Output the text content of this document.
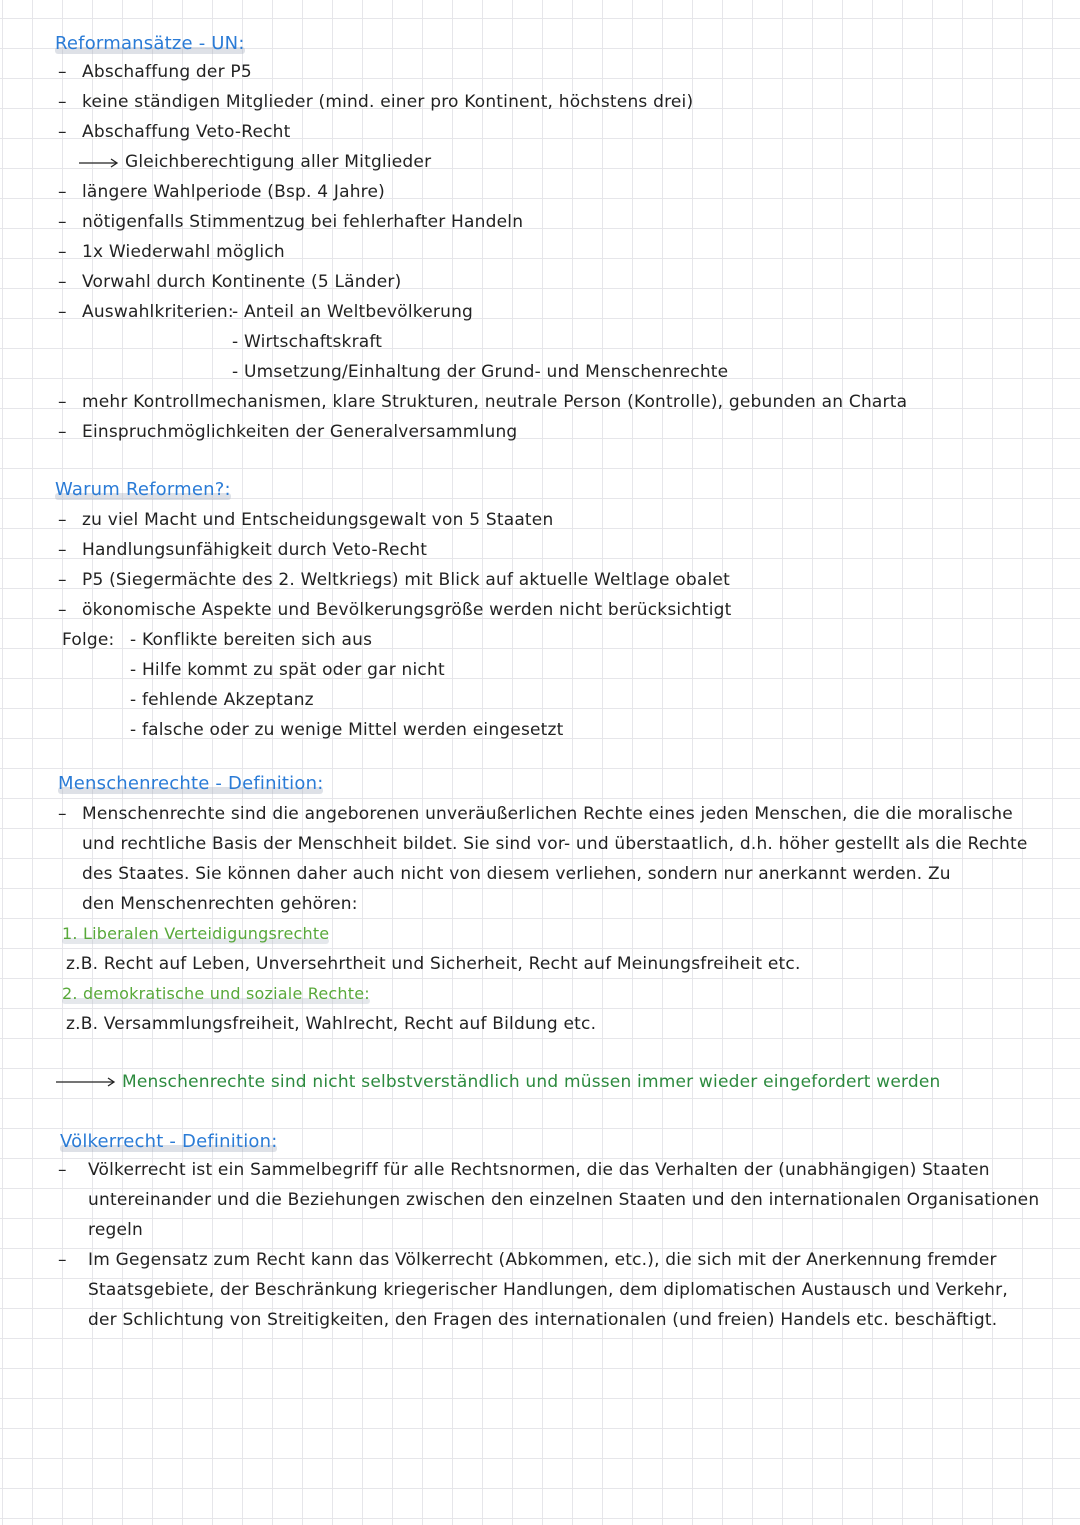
Reformansätze - UN:
– Abschaffung der P5
– keine ständigen Mitglieder (mind. einer pro Kontinent, höchstens drei)
– Abschaffung Veto-Recht
Gleichberechtigung aller Mitglieder
– längere Wahlperiode (Bsp. 4 Jahre)
– nötigenfalls Stimmentzug bei fehlerhafter Handeln
– 1x Wiederwahl möglich
– Vorwahl durch Kontinente (5 Länder)
– Auswahlkriterien:
- Anteil an Weltbevölkerung
- Wirtschaftskraft
- Umsetzung/Einhaltung der Grund- und Menschenrechte
– mehr Kontrollmechanismen, klare Strukturen, neutrale Person (Kontrolle), gebunden an Charta
– Einspruchmöglichkeiten der Generalversammlung
Warum Reformen?:
– zu viel Macht und Entscheidungsgewalt von 5 Staaten
– Handlungsunfähigkeit durch Veto-Recht
– P5 (Siegermächte des 2. Weltkriegs) mit Blick auf aktuelle Weltlage obalet
– ökonomische Aspekte und Bevölkerungsgröße werden nicht berücksichtigt
Folge: - Konflikte bereiten sich aus
- Hilfe kommt zu spät oder gar nicht
- fehlende Akzeptanz
- falsche oder zu wenige Mittel werden eingesetzt
Menschenrechte - Definition:
– Menschenrechte sind die angeborenen unveräußerlichen Rechte eines jeden Menschen, die die moralische
und rechtliche Basis der Menschheit bildet. Sie sind vor- und überstaatlich, d.h. höher gestellt als die Rechte
des Staates. Sie können daher auch nicht von diesem verliehen, sondern nur anerkannt werden. Zu
den Menschenrechten gehören:
1. Liberalen Verteidigungsrechte
z.B. Recht auf Leben, Unversehrtheit und Sicherheit, Recht auf Meinungsfreiheit etc.
2. demokratische und soziale Rechte:
z.B. Versammlungsfreiheit, Wahlrecht, Recht auf Bildung etc.
Menschenrechte sind nicht selbstverständlich und müssen immer wieder eingefordert werden
Völkerrecht - Definition:
– Völkerrecht ist ein Sammelbegriff für alle Rechtsnormen, die das Verhalten der (unabhängigen) Staaten
untereinander und die Beziehungen zwischen den einzelnen Staaten und den internationalen Organisationen
regeln
– Im Gegensatz zum Recht kann das Völkerrecht (Abkommen, etc.), die sich mit der Anerkennung fremder
Staatsgebiete, der Beschränkung kriegerischer Handlungen, dem diplomatischen Austausch und Verkehr,
der Schlichtung von Streitigkeiten, den Fragen des internationalen (und freien) Handels etc. beschäftigt.
